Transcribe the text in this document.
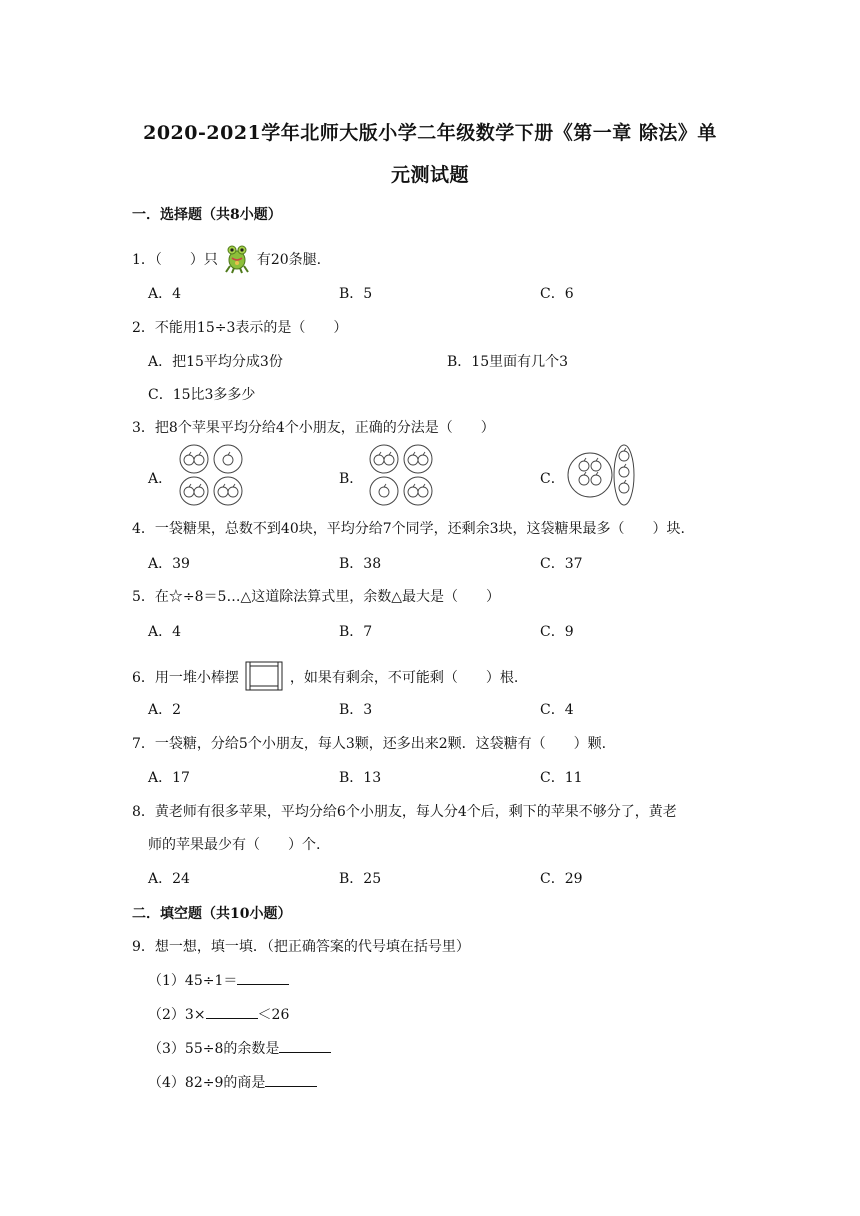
2020-2021学年北师大版小学二年级数学下册《第一章 除法》单
元测试题
一．选择题（共8小题）
1．（　　）只	有20条腿.
A．4	B．5	C．6
2．不能用15÷3表示的是（　　）
A．把15平均分成3份	B．15里面有几个3
C．15比3多多少
3．把8个苹果平均分给4个小朋友，正确的分法是（　　）
A．	B．	C．
4．一袋糖果，总数不到40块，平均分给7个同学，还剩余3块，这袋糖果最多（　　）块.
A．39	B．38	C．37
5．在☆÷8＝5…△这道除法算式里，余数△最大是（　　）
A．4	B．7	C．9
6．用一堆小棒摆	，如果有剩余，不可能剩（　　）根.
A．2	B．3	C．4
7．一袋糖，分给5个小朋友，每人3颗，还多出来2颗．这袋糖有（　　）颗.
A．17	B．13	C．11
8．黄老师有很多苹果，平均分给6个小朋友，每人分4个后，剩下的苹果不够分了，黄老
师的苹果最少有（　　）个.
A．24	B．25	C．29
二．填空题（共10小题）
9．想一想，填一填．（把正确答案的代号填在括号里）
（1）45÷1＝
（2）3×	＜26
（3）55÷8的余数是
（4）82÷9的商是
